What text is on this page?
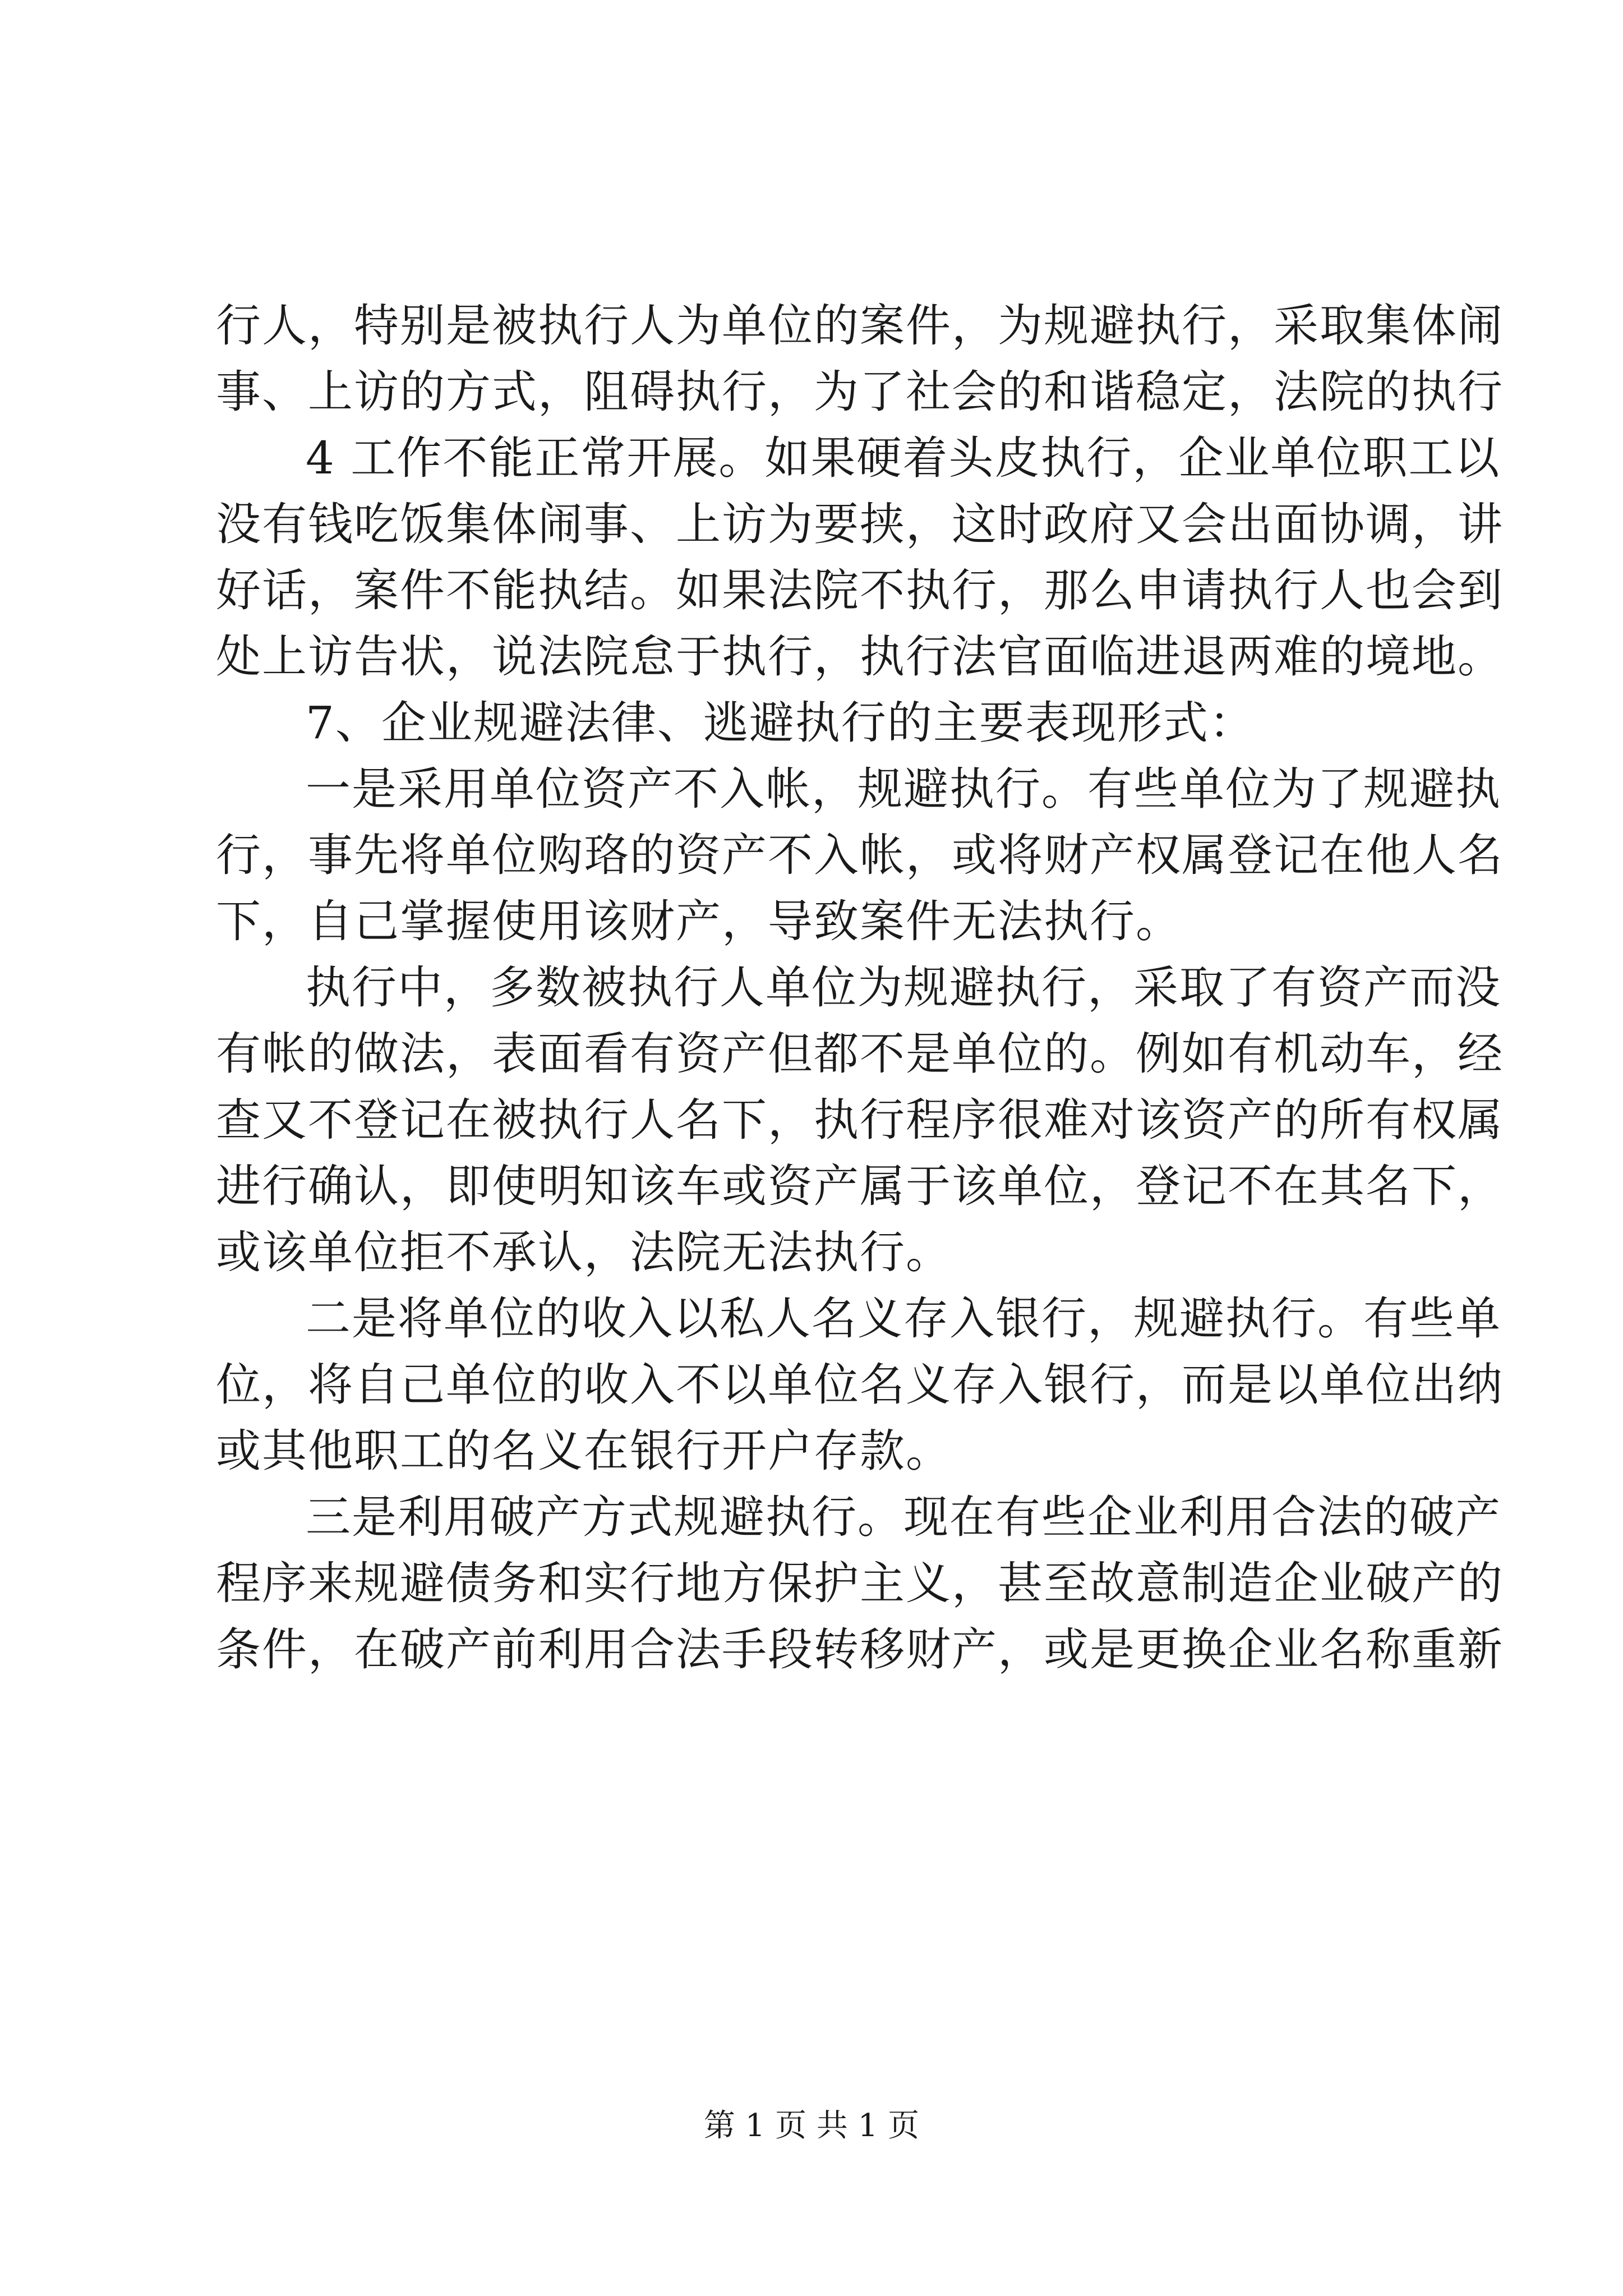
行人，特别是被执行人为单位的案件，为规避执行，采取集体闹
事、上访的方式，阻碍执行，为了社会的和谐稳定，法院的执行
4 工作不能正常开展。如果硬着头皮执行，企业单位职工以
没有钱吃饭集体闹事、上访为要挟，这时政府又会出面协调，讲
好话，案件不能执结。如果法院不执行，那么申请执行人也会到
处上访告状，说法院怠于执行，执行法官面临进退两难的境地。
7、企业规避法律、逃避执行的主要表现形式：
一是采用单位资产不入帐，规避执行。有些单位为了规避执
行，事先将单位购珞的资产不入帐，或将财产权属登记在他人名
下，自己掌握使用该财产，导致案件无法执行。
执行中，多数被执行人单位为规避执行，采取了有资产而没
有帐的做法，表面看有资产但都不是单位的。例如有机动车，经
查又不登记在被执行人名下，执行程序很难对该资产的所有权属
进行确认，即使明知该车或资产属于该单位，登记不在其名下，
或该单位拒不承认，法院无法执行。
二是将单位的收入以私人名义存入银行，规避执行。有些单
位，将自己单位的收入不以单位名义存入银行，而是以单位出纳
或其他职工的名义在银行开户存款。
三是利用破产方式规避执行。现在有些企业利用合法的破产
程序来规避债务和实行地方保护主义，甚至故意制造企业破产的
条件，在破产前利用合法手段转移财产，或是更换企业名称重新
第 1 页 共 1 页
